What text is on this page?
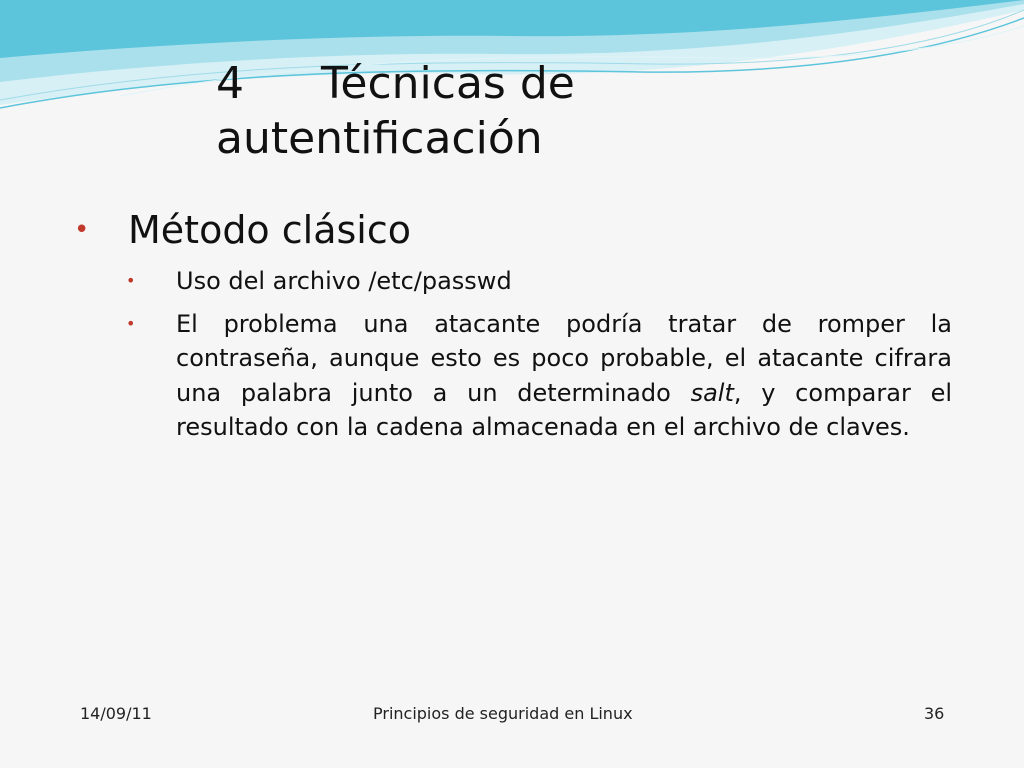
4 Técnicas de
autentificación
• Método clásico
• Uso del archivo /etc/passwd
• El problema una atacante podría tratar de romper la contraseña, aunque esto es poco probable, el atacante cifrara una palabra junto a un determinado salt, y comparar el resultado con la cadena almacenada en el archivo de claves.
14/09/11	Principios de seguridad en Linux	36
